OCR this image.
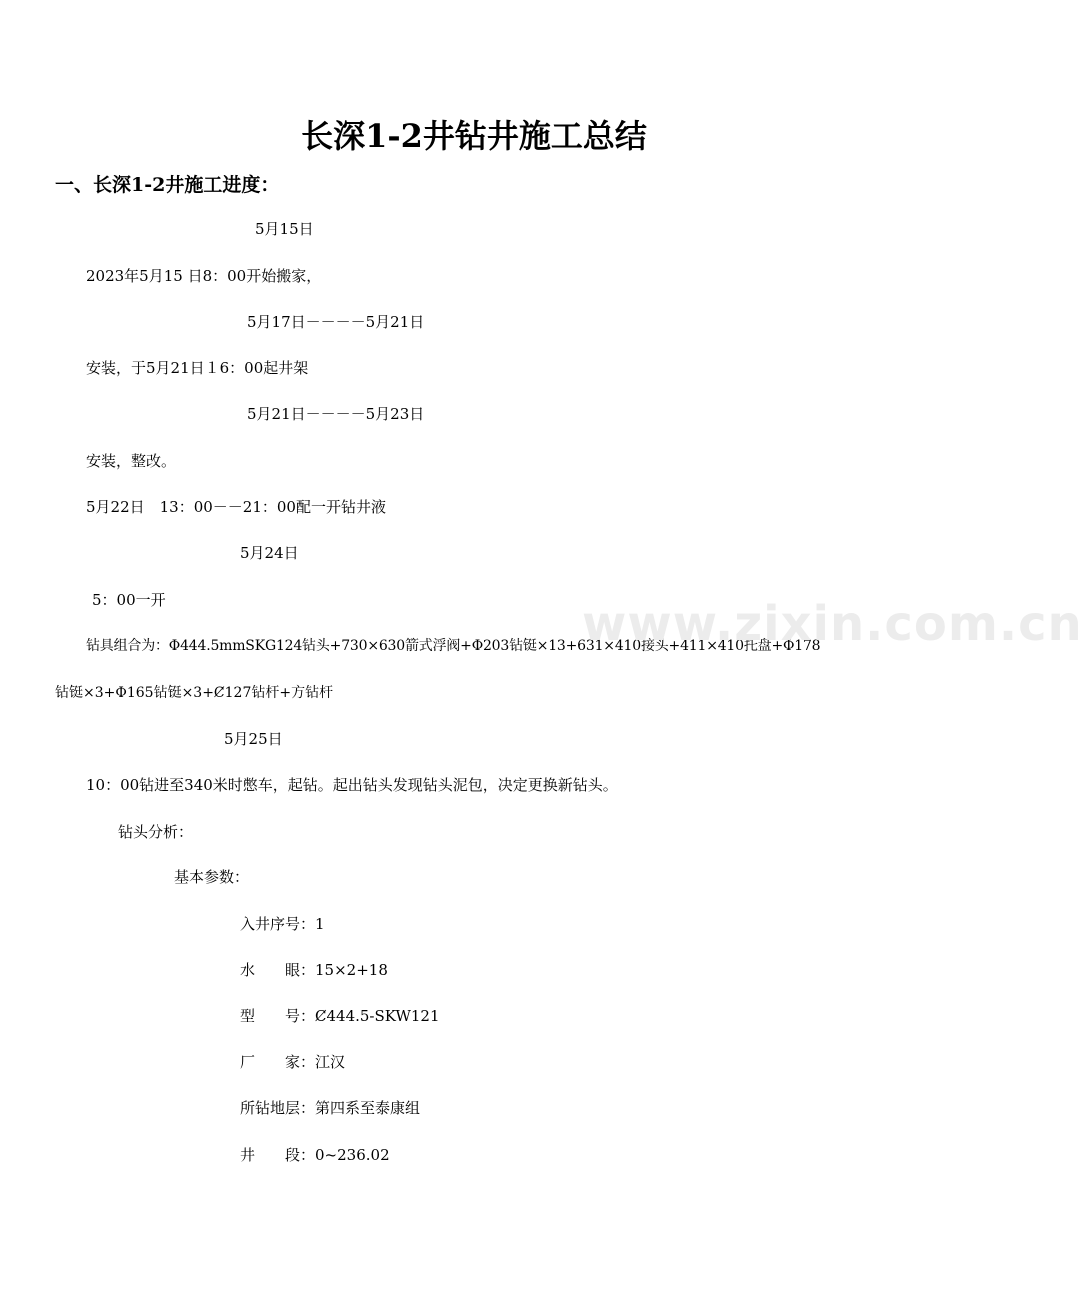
长深1-2井钻井施工总结
一、长深1-2井施工进度：
5月15日
2023年5月15 日8：00开始搬家，
5月17日－－－－5月21日
安装，于5月21日１6：00起井架
5月21日－－－－5月23日
安装，整改。
5月22日　13：00－－21：00配一开钻井液
5月24日
5：00一开
钻具组合为：Φ444.5mmSKG124钻头+730×630箭式浮阀+Φ203钻铤×13+631×410接头+411×410托盘+Φ178
钻铤×3+Φ165钻铤×3+Ȼ127钻杆+方钻杆
5月25日
10：00钻进至340米时憋车，起钻。起出钻头发现钻头泥包，决定更换新钻头。
钻头分析：
基本参数：
入井序号：1
水　　眼：15×2+18
型　　号：Ȼ444.5-SKW121
厂　　家：江汉
所钻地层：第四系至泰康组
井　　段：0~236.02
www.zixin.com.cn
